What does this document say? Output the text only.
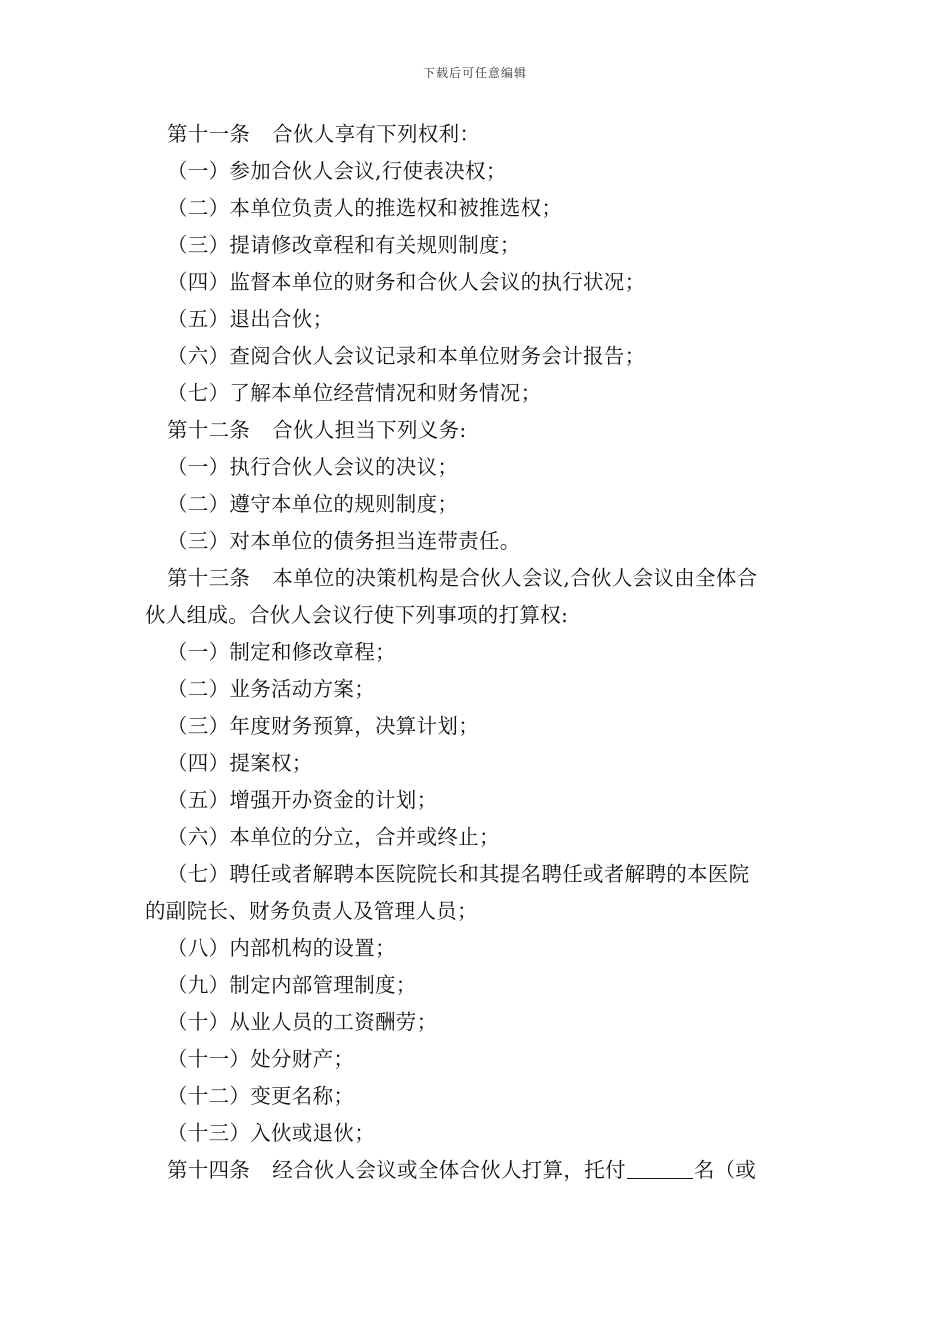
下载后可任意编辑
第十一条 合伙人享有下列权利：
（一）参加合伙人会议,行使表决权；
（二）本单位负责人的推选权和被推选权；
（三）提请修改章程和有关规则制度；
（四）监督本单位的财务和合伙人会议的执行状况；
（五）退出合伙；
（六）查阅合伙人会议记录和本单位财务会计报告；
（七）了解本单位经营情况和财务情况；
第十二条 合伙人担当下列义务:
（一）执行合伙人会议的决议；
（二）遵守本单位的规则制度；
（三）对本单位的债务担当连带责任。
第十三条 本单位的决策机构是合伙人会议,合伙人会议由全体合
伙人组成。合伙人会议行使下列事项的打算权:
（一）制定和修改章程；
（二）业务活动方案；
（三）年度财务预算，决算计划；
（四）提案权；
（五）增强开办资金的计划；
（六）本单位的分立，合并或终止；
（七）聘任或者解聘本医院院长和其提名聘任或者解聘的本医院
的副院长、财务负责人及管理人员；
（八）内部机构的设置；
（九）制定内部管理制度；
（十）从业人员的工资酬劳；
（十一）处分财产；
（十二）变更名称；
（十三）入伙或退伙；
第十四条 经合伙人会议或全体合伙人打算，托付	名（或
